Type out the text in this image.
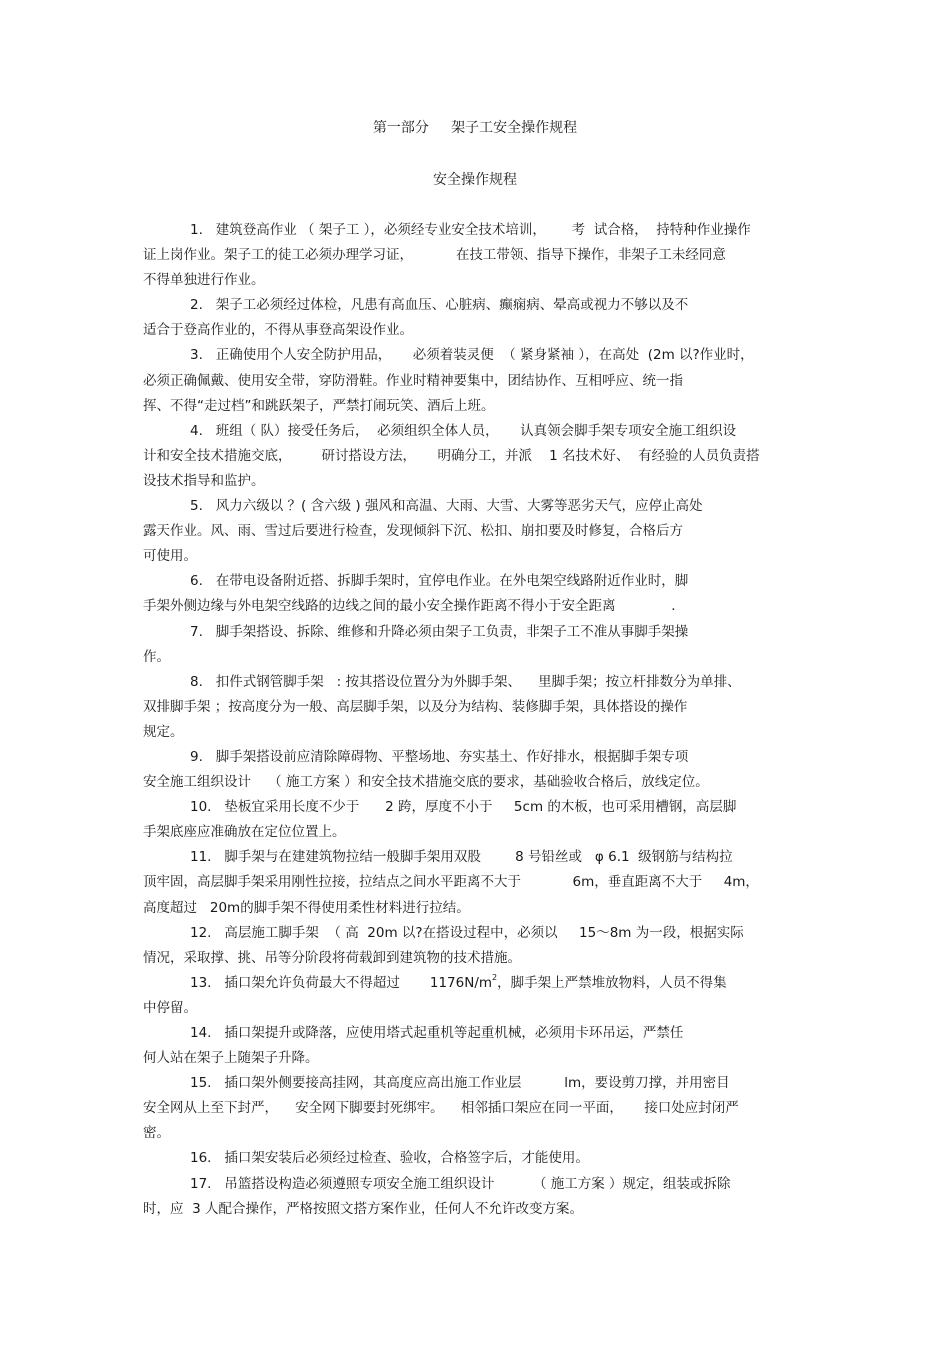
第一部分     架子工安全操作规程
安全操作规程
1.   建筑登高作业 （ 架子工 ），必须经专业安全技术培训，      考  试合格，  持特种作业操作
证上岗作业。架子工的徒工必须办理学习证，          在技工带领、指导下操作，非架子工未经同意
不得单独进行作业。
2.   架子工必须经过体检，凡患有高血压、心脏病、癫痫病、晕高或视力不够以及不
适合于登高作业的，不得从事登高架设作业。
3.   正确使用个人安全防护用品，     必须着装灵便  （ 紧身紧袖 ），在高处  (2m 以?作业时，
必须正确佩戴、使用安全带，穿防滑鞋。作业时精神要集中，团结协作、互相呼应、统一指
挥、不得“走过档”和跳跃架子，严禁打闹玩笑、酒后上班。
4.   班组（ 队）接受任务后，  必须组织全体人员，     认真领会脚手架专项安全施工组织设
计和安全技术措施交底，       研讨搭设方法，     明确分工，并派    1 名技术好、  有经验的人员负责搭
设技术指导和监护。
5.   风力六级以 ？( 含六级 ) 强风和高温、大雨、大雪、大雾等恶劣天气，应停止高处
露天作业。风、雨、雪过后要进行检查，发现倾斜下沉、松扣、崩扣要及时修复，合格后方
可使用。
6.   在带电设备附近搭、拆脚手架时，宜停电作业。在外电架空线路附近作业时，脚
手架外侧边缘与外电架空线路的边线之间的最小安全操作距离不得小于安全距离             .
7.   脚手架搭设、拆除、维修和升降必须由架子工负责，非架子工不准从事脚手架操
作。
8.   扣件式钢管脚手架   : 按其搭设位置分为外脚手架、    里脚手架；按立杆排数分为单排、
双排脚手架 ；按高度分为一般、高层脚手架，以及分为结构、装修脚手架，具体搭设的操作
规定。
9.   脚手架搭设前应清除障碍物、平整场地、夯实基土、作好排水，根据脚手架专项
安全施工组织设计    （ 施工方案 ）和安全技术措施交底的要求，基础验收合格后，放线定位。
10.   垫板宜采用长度不少于      2 跨，厚度不小于     5cm 的木板，也可采用槽钢，高层脚
手架底座应准确放在定位位置上。
11.   脚手架与在建建筑物拉结一般脚手架用双股        8 号铅丝或   φ 6.1  级钢筋与结构拉
顶牢固，高层脚手架采用刚性拉接，拉结点之间水平距离不大于            6m，垂直距离不大于     4m，
高度超过   20m的脚手架不得使用柔性材料进行拉结。
12.   高层施工脚手架  （ 高  20m 以?在搭设过程中，必须以     15～8m 为一段，根据实际
情况，采取撑、挑、吊等分阶段将荷载卸到建筑物的技术措施。
13.   插口架允许负荷最大不得超过       $1176N/m^2$，脚手架上严禁堆放物料，人员不得集
中停留。
14.   插口架提升或降落，应使用塔式起重机等起重机械，必须用卡环吊运，严禁任
何人站在架子上随架子升降。
15.   插口架外侧要接高挂网，其高度应高出施工作业层          lm，要设剪刀撑，并用密目
安全网从上至下封严，    安全网下脚要封死绑牢。    相邻插口架应在同一平面，     接口处应封闭严
密。
16.   插口架安装后必须经过检查、验收，合格签字后，才能使用。
17.   吊篮搭设构造必须遵照专项安全施工组织设计         （ 施工方案 ）规定，组装或拆除
时，应  3 人配合操作，严格按照文搭方案作业，任何人不允许改变方案。
